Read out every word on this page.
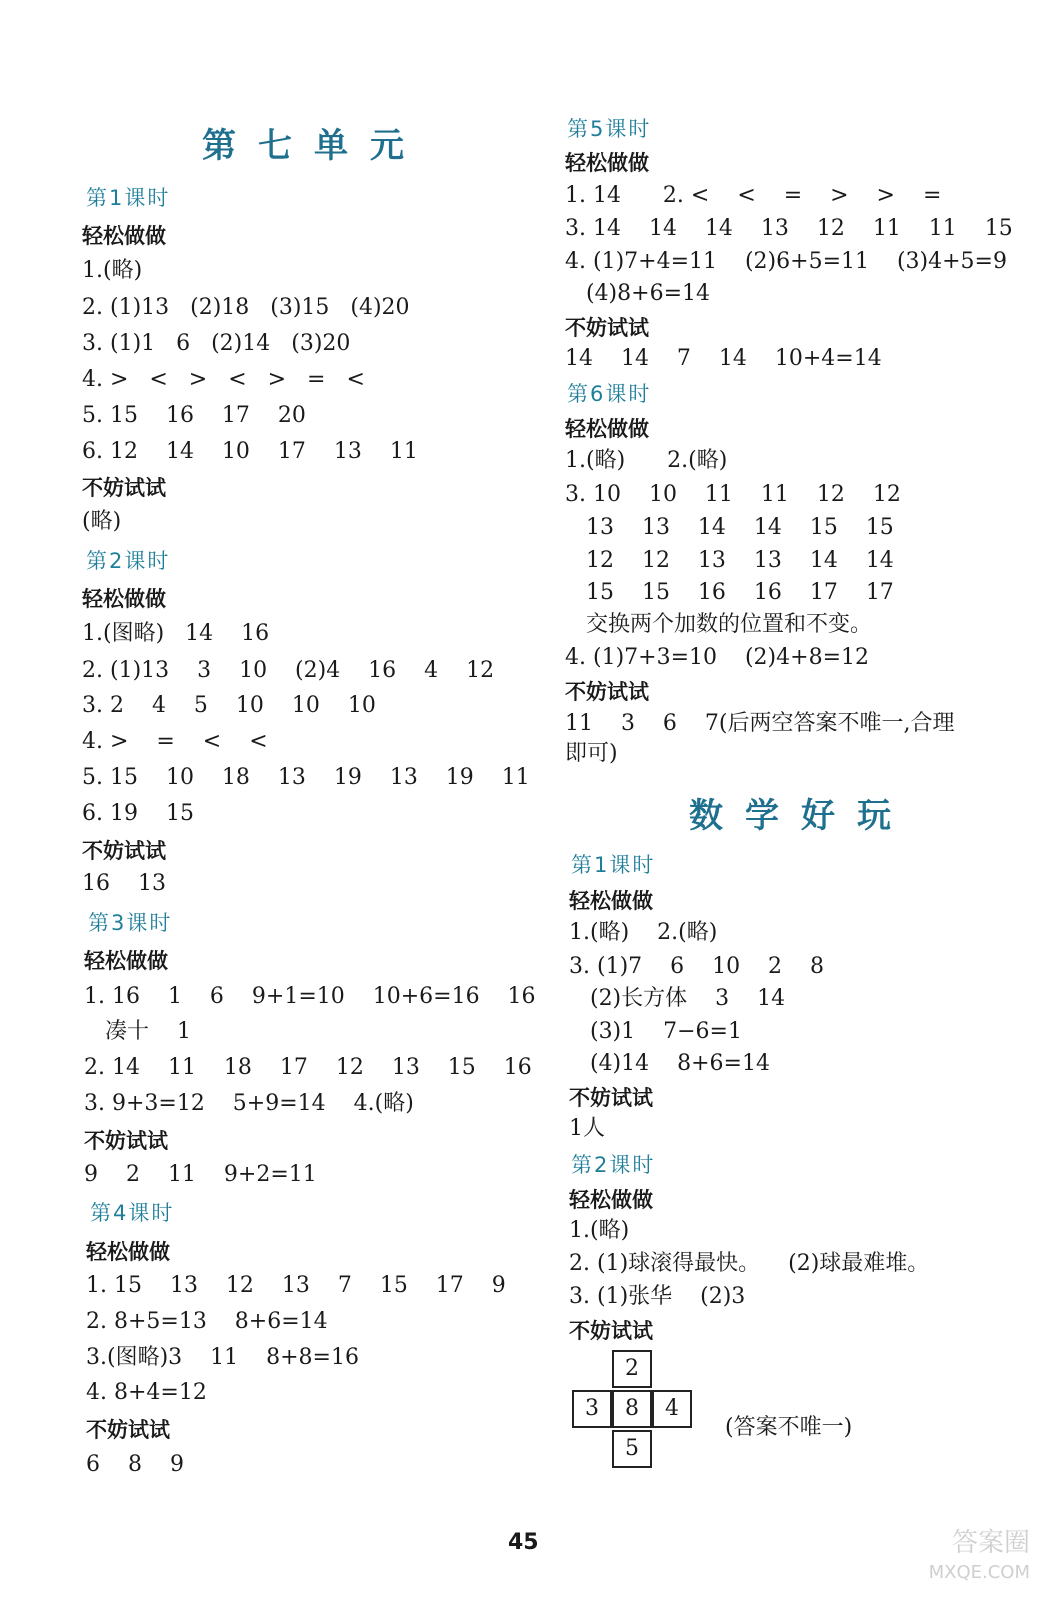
第七单元
第1课时
轻松做做
1.(略)
2. (1)13   (2)18   (3)15   (4)20
3. (1)1   6   (2)14   (3)20
4. >   <   >   <   >   =   <
5. 15    16    17    20
6. 12    14    10    17    13    11
不妨试试
(略)
第2课时
轻松做做
1.(图略)   14    16
2. (1)13    3    10    (2)4    16    4    12
3. 2    4    5    10    10    10
4. >    =    <    <
5. 15    10    18    13    19    13    19    11
6. 19    15
不妨试试
16    13
第3课时
轻松做做
1. 16    1    6    9+1=10    10+6=16    16
凑十    1
2. 14    11    18    17    12    13    15    16
3. 9+3=12    5+9=14    4.(略)
不妨试试
9    2    11    9+2=11
第4课时
轻松做做
1. 15    13    12    13    7    15    17    9
2. 8+5=13    8+6=14
3.(图略)3    11    8+8=16
4. 8+4=12
不妨试试
6    8    9
第5课时
轻松做做
1. 14      2. <    <    =    >    >    =
3. 14    14    14    13    12    11    11    15
4. (1)7+4=11    (2)6+5=11    (3)4+5=9
(4)8+6=14
不妨试试
14    14    7    14    10+4=14
第6课时
轻松做做
1.(略)      2.(略)
3. 10    10    11    11    12    12
13    13    14    14    15    15
12    12    13    13    14    14
15    15    16    16    17    17
交换两个加数的位置和不变。
4. (1)7+3=10    (2)4+8=12
不妨试试
11    3    6    7(后两空答案不唯一,合理
即可)
数学好玩
第1课时
轻松做做
1.(略)    2.(略)
3. (1)7    6    10    2    8
(2)长方体    3    14
(3)1    7−6=1
(4)14    8+6=14
不妨试试
1人
第2课时
轻松做做
1.(略)
2. (1)球滚得最快。    (2)球最难堆。
3. (1)张华    (2)3
不妨试试
2
3	8	4
5
(答案不唯一)
45	答案圈
MXQE.COM
